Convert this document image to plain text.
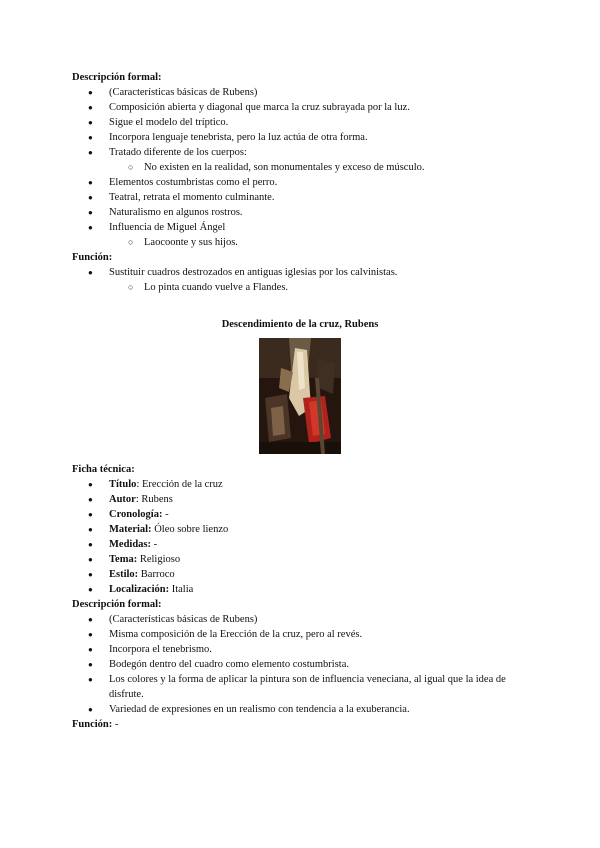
Descripción formal:
● (Características básicas de Rubens)
● Composición abierta y diagonal que marca la cruz subrayada por la luz.
● Sigue el modelo del tríptico.
● Incorpora lenguaje tenebrista, pero la luz actúa de otra forma.
● Tratado diferente de los cuerpos:
○ No existen en la realidad, son monumentales y exceso de músculo.
● Elementos costumbristas como el perro.
● Teatral, retrata el momento culminante.
● Naturalismo en algunos rostros.
● Influencia de Miguel Ángel
○ Laocoonte y sus hijos.
Función:
● Sustituir cuadros destrozados en antiguas iglesias por los calvinistas.
○ Lo pinta cuando vuelve a Flandes.
Descendimiento de la cruz, Rubens
Ficha técnica:
● Título: Erección de la cruz
● Autor: Rubens
● Cronología: -
● Material: Óleo sobre lienzo
● Medidas: -
● Tema: Religioso
● Estilo: Barroco
● Localización: Italia
Descripción formal:
● (Características básicas de Rubens)
● Misma composición de la Erección de la cruz, pero al revés.
● Incorpora el tenebrismo.
● Bodegón dentro del cuadro como elemento costumbrista.
● Los colores y la forma de aplicar la pintura son de influencia veneciana, al igual que la idea de disfrute.
● Variedad de expresiones en un realismo con tendencia a la exuberancia.
Función: -
